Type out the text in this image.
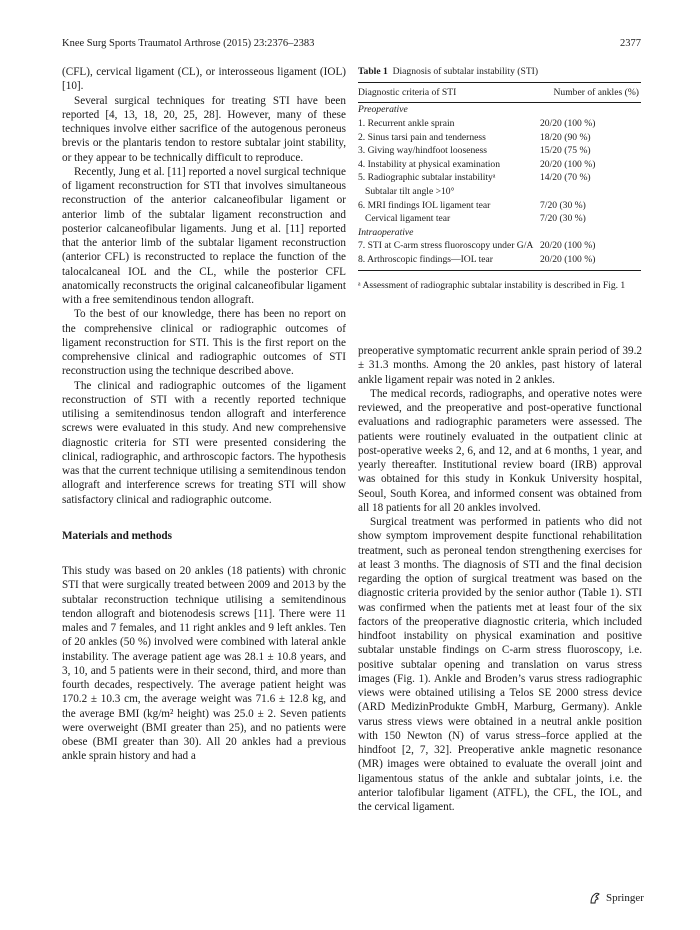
Knee Surg Sports Traumatol Arthrose (2015) 23:2376–2383	2377

(CFL), cervical ligament (CL), or interosseous ligament (IOL) [10].

Several surgical techniques for treating STI have been reported [4, 13, 18, 20, 25, 28]. However, many of these techniques involve either sacrifice of the autogenous peroneus brevis or the plantaris tendon to restore subtalar joint stability, or they appear to be technically difficult to reproduce.

Recently, Jung et al. [11] reported a novel surgical technique of ligament reconstruction for STI that involves simultaneous reconstruction of the anterior calcaneofibular ligament or anterior limb of the subtalar ligament reconstruction and posterior calcaneofibular ligaments. Jung et al. [11] reported that the anterior limb of the subtalar ligament reconstruction (anterior CFL) is reconstructed to replace the function of the talocalcaneal IOL and the CL, while the posterior CFL anatomically reconstructs the original calcaneofibular ligament with a free semitendinous tendon allograft.

To the best of our knowledge, there has been no report on the comprehensive clinical or radiographic outcomes of ligament reconstruction for STI. This is the first report on the comprehensive clinical and radiographic outcomes of STI reconstruction using the technique described above.

The clinical and radiographic outcomes of the ligament reconstruction of STI with a recently reported technique utilising a semitendinosus tendon allograft and interference screws were evaluated in this study. And new comprehensive diagnostic criteria for STI were presented considering the clinical, radiographic, and arthroscopic factors. The hypothesis was that the current technique utilising a semitendinous tendon allograft and interference screws for treating STI will show satisfactory clinical and radiographic outcome.

Materials and methods

This study was based on 20 ankles (18 patients) with chronic STI that were surgically treated between 2009 and 2013 by the subtalar reconstruction technique utilising a semitendinous tendon allograft and biotenodesis screws [11]. There were 11 males and 7 females, and 11 right ankles and 9 left ankles. Ten of 20 ankles (50 %) involved were combined with lateral ankle instability. The average patient age was 28.1 ± 10.8 years, and 3, 10, and 5 patients were in their second, third, and more than fourth decades, respectively. The average patient height was 170.2 ± 10.3 cm, the average weight was 71.6 ± 12.8 kg, and the average BMI (kg/m² height) was 25.0 ± 2. Seven patients were overweight (BMI greater than 25), and no patients were obese (BMI greater than 30). All 20 ankles had a previous ankle sprain history and had a

Table 1 Diagnosis of subtalar instability (STI)
Diagnostic criteria of STI	Number of ankles (%)
Preoperative
1. Recurrent ankle sprain	20/20 (100 %)

2. Sinus tarsi pain and tenderness	18/20 (90 %)

3. Giving way/hindfoot looseness	15/20 (75 %)

4. Instability at physical examination	20/20 (100 %)

5. Radiographic subtalar instabilityᵃ	14/20 (70 %)

Subtalar tilt angle >10°
6. MRI findings IOL ligament tear	7/20 (30 %)

Cervical ligament tear	7/20 (30 %)

Intraoperative
7. STI at C-arm stress fluoroscopy under G/A 20/20 (100 %)

8. Arthroscopic findings—IOL tear	20/20 (100 %)
ᵃ Assessment of radiographic subtalar instability is described in Fig. 1

preoperative symptomatic recurrent ankle sprain period of 39.2 ± 31.3 months. Among the 20 ankles, past history of lateral ankle ligament repair was noted in 2 ankles.

The medical records, radiographs, and operative notes were reviewed, and the preoperative and post-operative functional evaluations and radiographic parameters were assessed. The patients were routinely evaluated in the outpatient clinic at post-operative weeks 2, 6, and 12, and at 6 months, 1 year, and yearly thereafter. Institutional review board (IRB) approval was obtained for this study in Konkuk University hospital, Seoul, South Korea, and informed consent was obtained from all 18 patients for all 20 ankles involved.

Surgical treatment was performed in patients who did not show symptom improvement despite functional rehabilitation treatment, such as peroneal tendon strengthening exercises for at least 3 months. The diagnosis of STI and the final decision regarding the option of surgical treatment was based on the diagnostic criteria provided by the senior author (Table 1). STI was confirmed when the patients met at least four of the six factors of the preoperative diagnostic criteria, which included hindfoot instability on physical examination and positive subtalar unstable findings on C-arm stress fluoroscopy, i.e. positive subtalar opening and translation on varus stress images (Fig. 1). Ankle and Broden’s varus stress radiographic views were obtained utilising a Telos SE 2000 stress device (ARD MedizinProdukte GmbH, Marburg, Germany). Ankle varus stress views were obtained in a neutral ankle position with 150 Newton (N) of varus stress–force applied at the hindfoot [2, 7, 32]. Preoperative ankle magnetic resonance (MR) images were obtained to evaluate the overall joint and ligamentous status of the ankle and subtalar joints, i.e. the anterior talofibular ligament (ATFL), the CFL, the IOL, and the cervical ligament.

Springer
